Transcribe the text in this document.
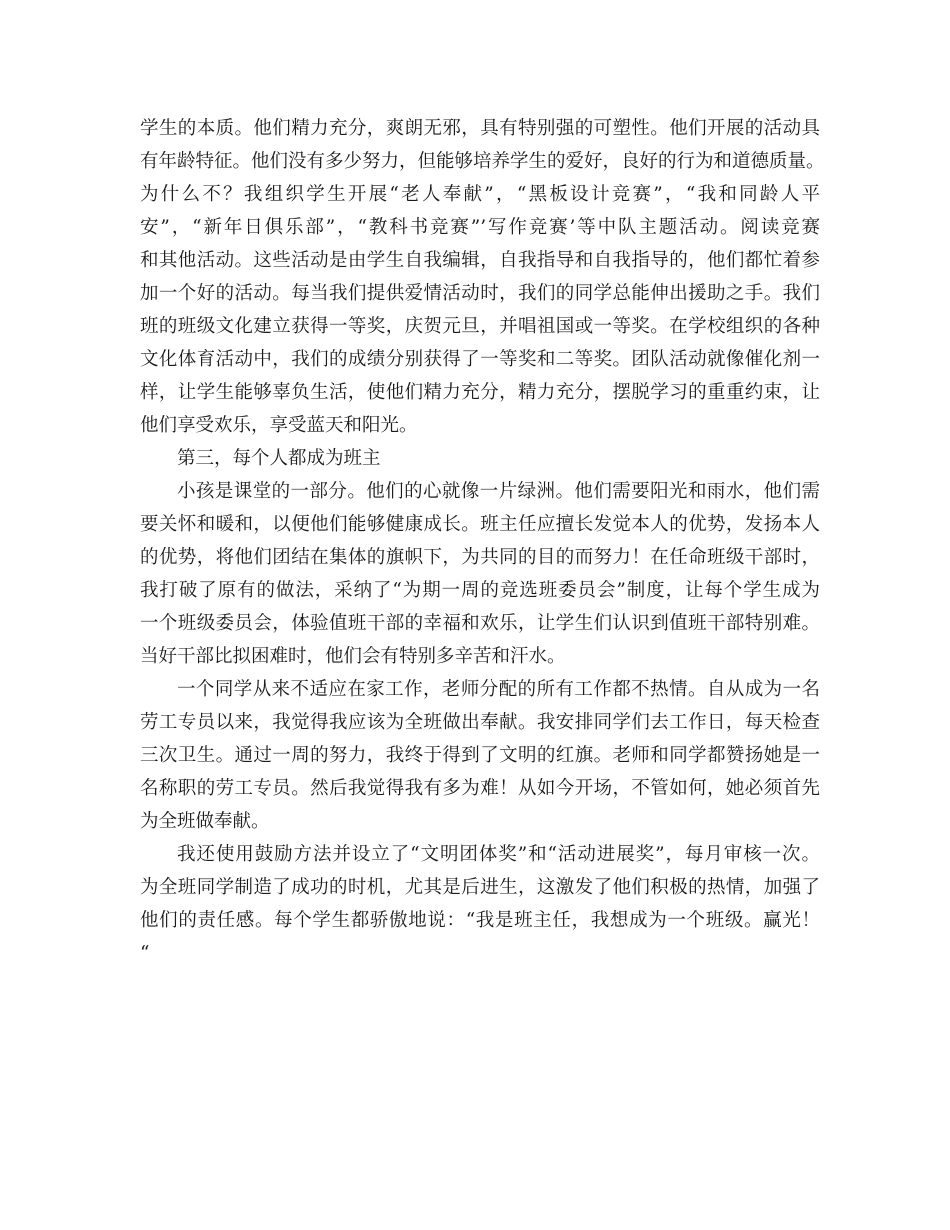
学生的本质。他们精力充分，爽朗无邪，具有特别强的可塑性。他们开展的活动具
有年龄特征。他们没有多少努力，但能够培养学生的爱好，良好的行为和道德质量。
为什么不？我组织学生开展“老人奉献”，“黑板设计竞赛”，“我和同龄人平
安”，“新年日俱乐部”，“教科书竞赛”’写作竞赛’等中队主题活动。阅读竞赛
和其他活动。这些活动是由学生自我编辑，自我指导和自我指导的，他们都忙着参
加一个好的活动。每当我们提供爱情活动时，我们的同学总能伸出援助之手。我们
班的班级文化建立获得一等奖，庆贺元旦，并唱祖国或一等奖。在学校组织的各种
文化体育活动中，我们的成绩分别获得了一等奖和二等奖。团队活动就像催化剂一
样，让学生能够辜负生活，使他们精力充分，精力充分，摆脱学习的重重约束，让
他们享受欢乐，享受蓝天和阳光。
第三，每个人都成为班主
小孩是课堂的一部分。他们的心就像一片绿洲。他们需要阳光和雨水，他们需
要关怀和暖和，以便他们能够健康成长。班主任应擅长发觉本人的优势，发扬本人
的优势，将他们团结在集体的旗帜下，为共同的目的而努力！在任命班级干部时，
我打破了原有的做法，采纳了“为期一周的竞选班委员会”制度，让每个学生成为
一个班级委员会，体验值班干部的幸福和欢乐，让学生们认识到值班干部特别难。
当好干部比拟困难时，他们会有特别多辛苦和汗水。
一个同学从来不适应在家工作，老师分配的所有工作都不热情。自从成为一名
劳工专员以来，我觉得我应该为全班做出奉献。我安排同学们去工作日，每天检查
三次卫生。通过一周的努力，我终于得到了文明的红旗。老师和同学都赞扬她是一
名称职的劳工专员。然后我觉得我有多为难！从如今开场，不管如何，她必须首先
为全班做奉献。
我还使用鼓励方法并设立了“文明团体奖”和“活动进展奖”，每月审核一次。
为全班同学制造了成功的时机，尤其是后进生，这激发了他们积极的热情，加强了
他们的责任感。每个学生都骄傲地说：“我是班主任，我想成为一个班级。赢光！
“
